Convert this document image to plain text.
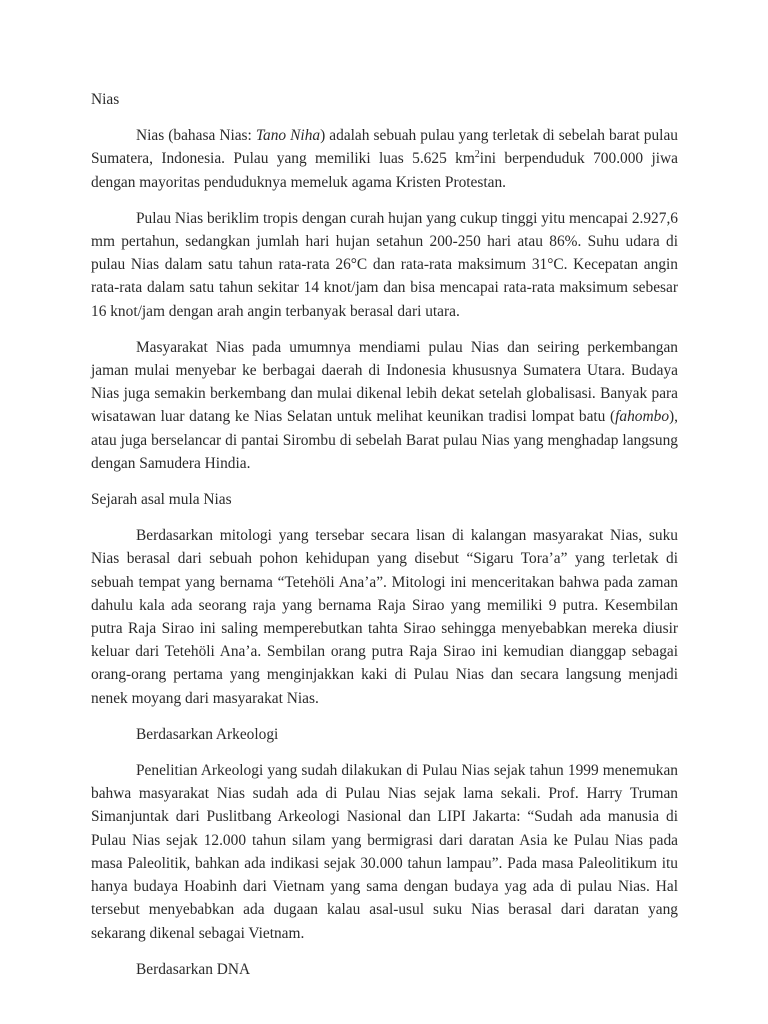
Nias

Nias (bahasa Nias: Tano Niha) adalah sebuah pulau yang terletak di sebelah barat pulau Sumatera, Indonesia. Pulau yang memiliki luas 5.625 $km^2ini$ berpenduduk 700.000 jiwa dengan mayoritas penduduknya memeluk agama Kristen Protestan.

Pulau Nias beriklim tropis dengan curah hujan yang cukup tinggi yitu mencapai 2.927,6 mm pertahun, sedangkan jumlah hari hujan setahun 200-250 hari atau 86%. Suhu udara di pulau Nias dalam satu tahun rata-rata 26°C dan rata-rata maksimum 31°C. Kecepatan angin rata-rata dalam satu tahun sekitar 14 knot/jam dan bisa mencapai rata-rata maksimum sebesar 16 knot/jam dengan arah angin terbanyak berasal dari utara.

Masyarakat Nias pada umumnya mendiami pulau Nias dan seiring perkembangan jaman mulai menyebar ke berbagai daerah di Indonesia khususnya Sumatera Utara. Budaya Nias juga semakin berkembang dan mulai dikenal lebih dekat setelah globalisasi. Banyak para wisatawan luar datang ke Nias Selatan untuk melihat keunikan tradisi lompat batu (fahombo), atau juga berselancar di pantai Sirombu di sebelah Barat pulau Nias yang menghadap langsung dengan Samudera Hindia.

Sejarah asal mula Nias

Berdasarkan mitologi yang tersebar secara lisan di kalangan masyarakat Nias, suku Nias berasal dari sebuah pohon kehidupan yang disebut “Sigaru Tora’a” yang terletak di sebuah tempat yang bernama “Tetehöli Ana’a”. Mitologi ini menceritakan bahwa pada zaman dahulu kala ada seorang raja yang bernama Raja Sirao yang memiliki 9 putra. Kesembilan putra Raja Sirao ini saling memperebutkan tahta Sirao sehingga menyebabkan mereka diusir keluar dari Tetehöli Ana’a. Sembilan orang putra Raja Sirao ini kemudian dianggap sebagai orang-orang pertama yang menginjakkan kaki di Pulau Nias dan secara langsung menjadi nenek moyang dari masyarakat Nias.

Berdasarkan Arkeologi

Penelitian Arkeologi yang sudah dilakukan di Pulau Nias sejak tahun 1999 menemukan bahwa masyarakat Nias sudah ada di Pulau Nias sejak lama sekali. Prof. Harry Truman Simanjuntak dari Puslitbang Arkeologi Nasional dan LIPI Jakarta: “Sudah ada manusia di Pulau Nias sejak 12.000 tahun silam yang bermigrasi dari daratan Asia ke Pulau Nias pada masa Paleolitik, bahkan ada indikasi sejak 30.000 tahun lampau”. Pada masa Paleolitikum itu hanya budaya Hoabinh dari Vietnam yang sama dengan budaya yag ada di pulau Nias. Hal tersebut menyebabkan ada dugaan kalau asal-usul suku Nias berasal dari daratan yang sekarang dikenal sebagai Vietnam.

Berdasarkan DNA
